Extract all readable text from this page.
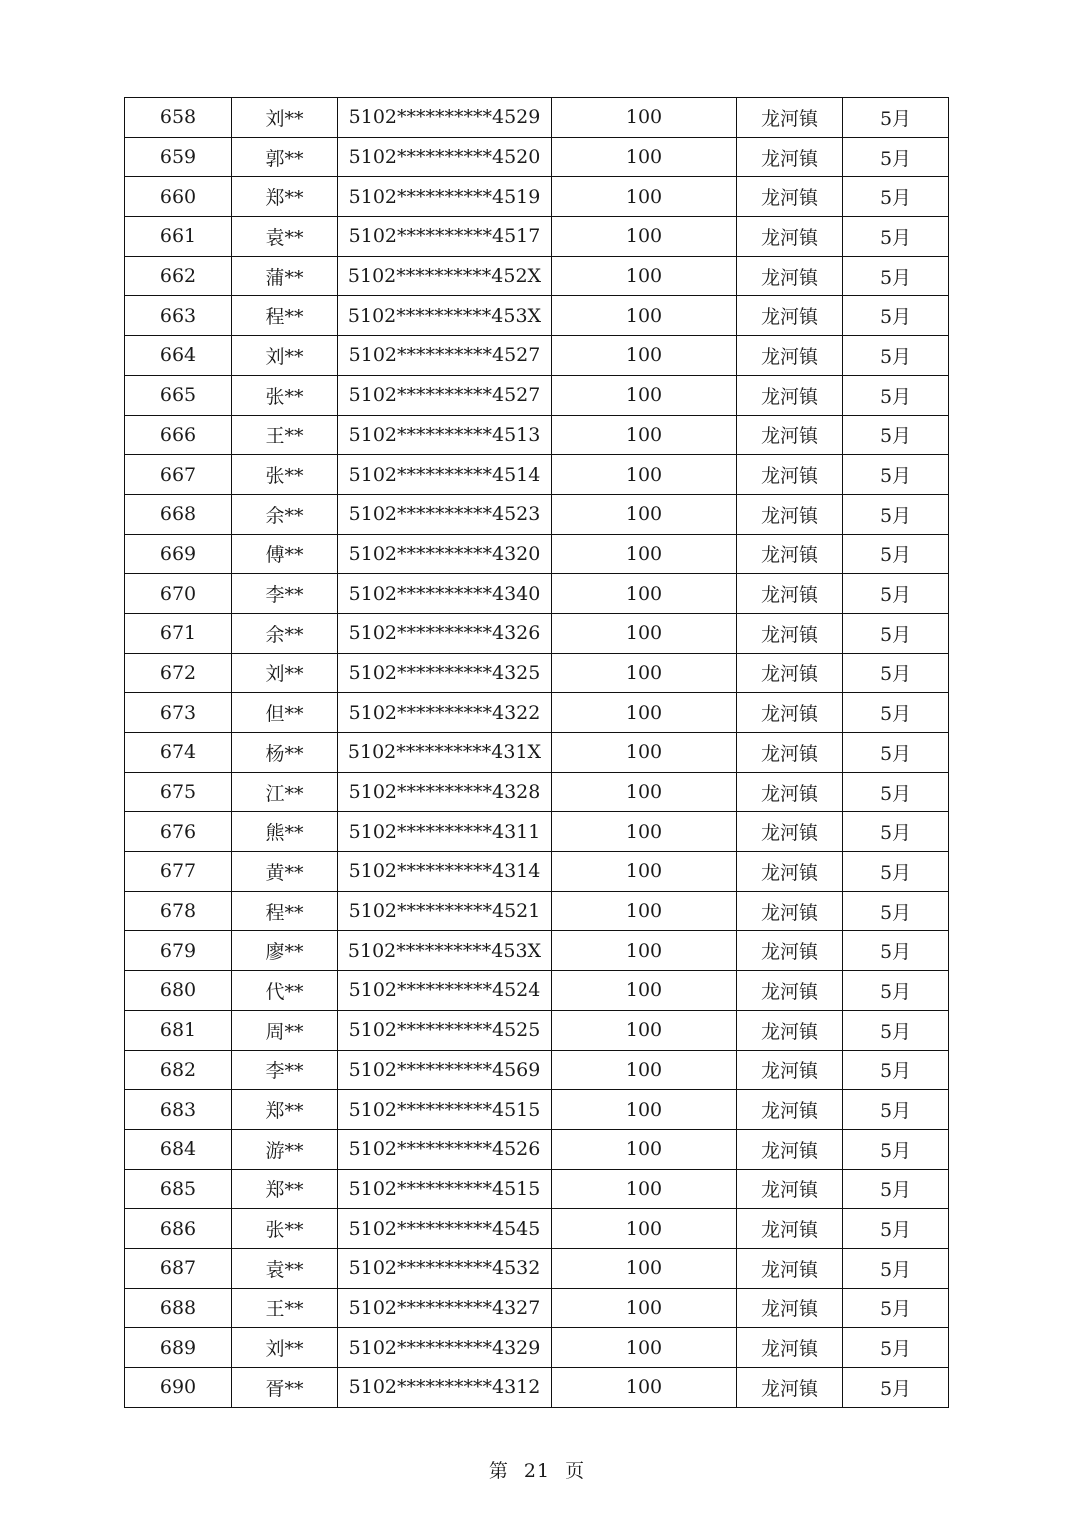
658	刘**	5102**********4529	100	龙河镇	5月
659	郭**	5102**********4520	100	龙河镇	5月
660	郑**	5102**********4519	100	龙河镇	5月
661	袁**	5102**********4517	100	龙河镇	5月
662	蒲**	5102**********452X	100	龙河镇	5月
663	程**	5102**********453X	100	龙河镇	5月
664	刘**	5102**********4527	100	龙河镇	5月
665	张**	5102**********4527	100	龙河镇	5月
666	王**	5102**********4513	100	龙河镇	5月
667	张**	5102**********4514	100	龙河镇	5月
668	余**	5102**********4523	100	龙河镇	5月
669	傅**	5102**********4320	100	龙河镇	5月
670	李**	5102**********4340	100	龙河镇	5月
671	余**	5102**********4326	100	龙河镇	5月
672	刘**	5102**********4325	100	龙河镇	5月
673	但**	5102**********4322	100	龙河镇	5月
674	杨**	5102**********431X	100	龙河镇	5月
675	江**	5102**********4328	100	龙河镇	5月
676	熊**	5102**********4311	100	龙河镇	5月
677	黄**	5102**********4314	100	龙河镇	5月
678	程**	5102**********4521	100	龙河镇	5月
679	廖**	5102**********453X	100	龙河镇	5月
680	代**	5102**********4524	100	龙河镇	5月
681	周**	5102**********4525	100	龙河镇	5月
682	李**	5102**********4569	100	龙河镇	5月
683	郑**	5102**********4515	100	龙河镇	5月
684	游**	5102**********4526	100	龙河镇	5月
685	郑**	5102**********4515	100	龙河镇	5月
686	张**	5102**********4545	100	龙河镇	5月
687	袁**	5102**********4532	100	龙河镇	5月
688	王**	5102**********4327	100	龙河镇	5月
689	刘**	5102**********4329	100	龙河镇	5月
690	胥**	5102**********4312	100	龙河镇	5月
第 21 页
